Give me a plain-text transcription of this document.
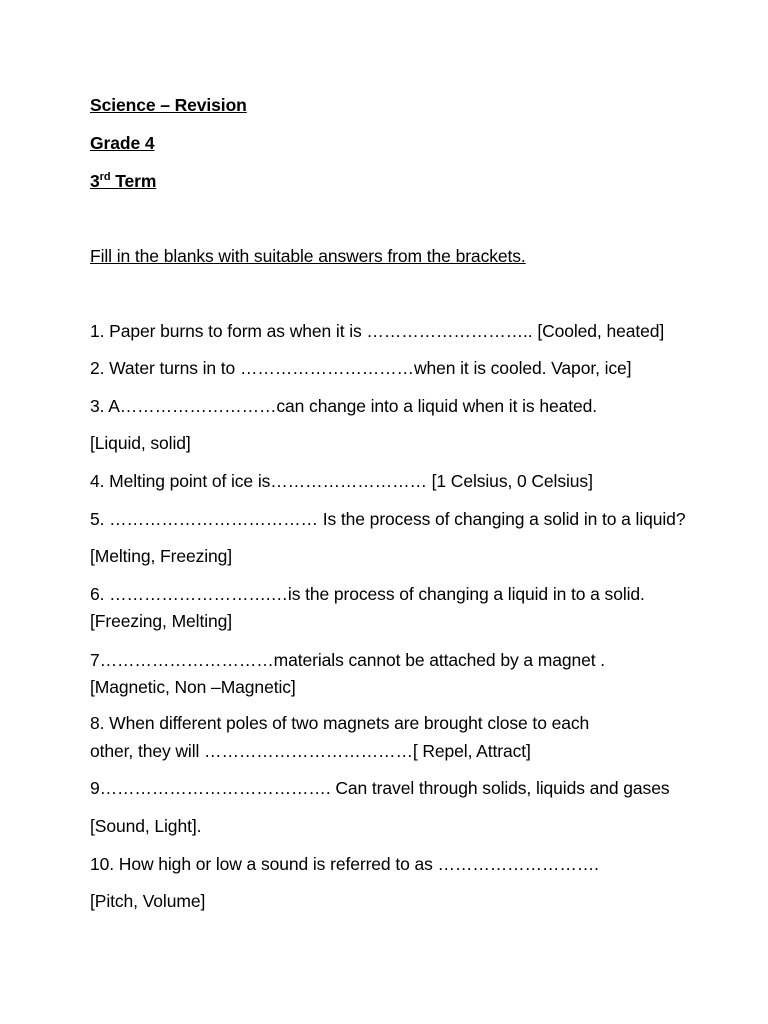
Science – Revision
Grade 4
3rd Term
Fill in the blanks with suitable answers from the brackets.
1. Paper burns to form as when it is ……………………….. [Cooled, heated]
2. Water turns in to …………………………when it is cooled. Vapor, ice]
3. A………………………can change into a liquid when it is heated.
[Liquid, solid]
4. Melting point of ice is……………………… [1 Celsius, 0 Celsius]
5. ……………………………… Is the process of changing a solid in to a liquid?
[Melting, Freezing]
6. ……………………….…is the process of changing a liquid in to a solid.
[Freezing, Melting]
7…………………………materials cannot be attached by a magnet .
[Magnetic, Non –Magnetic]
8. When different poles of two magnets are brought close to each
other, they will ………………………………[ Repel, Attract]
9…………………………………. Can travel through solids, liquids and gases
[Sound, Light].
10. How high or low a sound is referred to as ……………………….
[Pitch, Volume]
